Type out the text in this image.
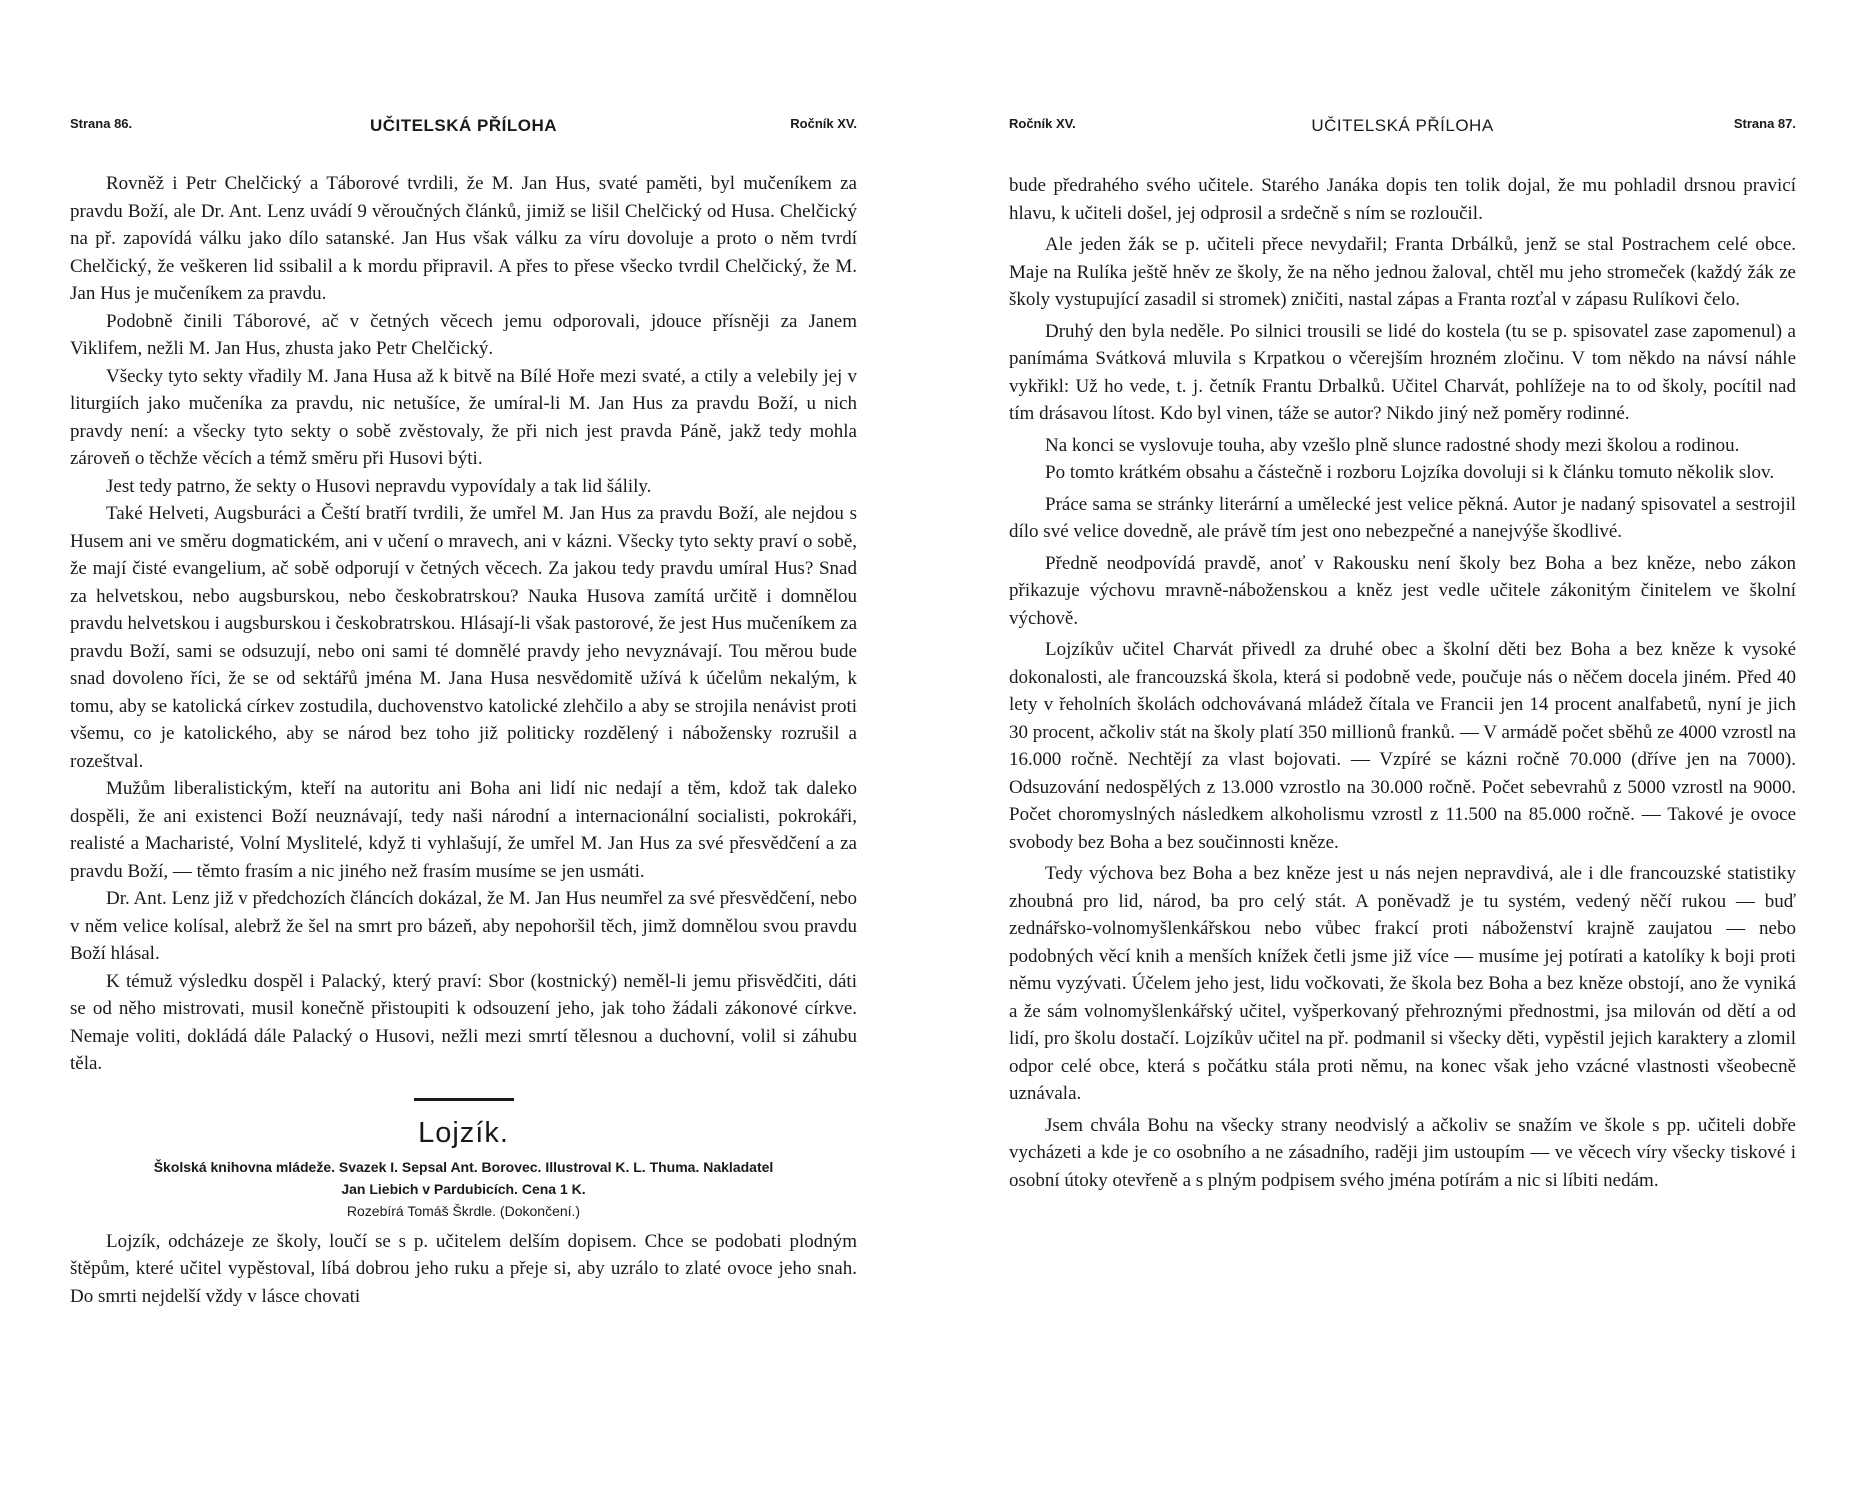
Strana 86.	UČITELSKÁ PŘÍLOHA	Ročník XV.

Rovněž i Petr Chelčický a Táborové tvrdili, že M. Jan Hus, svaté paměti, byl mučeníkem za pravdu Boží, ale Dr. Ant. Lenz uvádí 9 věroučných článků, jimiž se lišil Chelčický od Husa. Chelčický na př. zapovídá válku jako dílo satanské. Jan Hus však válku za víru dovoluje a proto o něm tvrdí Chelčický, že veškeren lid ssibalil a k mordu připravil. A přes to přese všecko tvrdil Chelčický, že M. Jan Hus je mučeníkem za pravdu.

Podobně činili Táborové, ač v četných věcech jemu odporovali, jdouce přísněji za Janem Viklifem, nežli M. Jan Hus, zhusta jako Petr Chelčický.

Všecky tyto sekty vřadily M. Jana Husa až k bitvě na Bílé Hoře mezi svaté, a ctily a velebily jej v liturgiích jako mučeníka za pravdu, nic netušíce, že umíral-li M. Jan Hus za pravdu Boží, u nich pravdy není: a všecky tyto sekty o sobě zvěstovaly, že při nich jest pravda Páně, jakž tedy mohla zároveň o těchže věcích a témž směru při Husovi býti.

Jest tedy patrno, že sekty o Husovi nepravdu vypovídaly a tak lid šálily.

Také Helveti, Augsburáci a Čeští bratří tvrdili, že umřel M. Jan Hus za pravdu Boží, ale nejdou s Husem ani ve směru dogmatickém, ani v učení o mravech, ani v kázni. Všecky tyto sekty praví o sobě, že mají čisté evangelium, ač sobě odporují v četných věcech. Za jakou tedy pravdu umíral Hus? Snad za helvetskou, nebo augsburskou, nebo českobratrskou? Nauka Husova zamítá určitě i domnělou pravdu helvetskou i augsburskou i českobratrskou. Hlásají-li však pastorové, že jest Hus mučeníkem za pravdu Boží, sami se odsuzují, nebo oni sami té domnělé pravdy jeho nevyznávají. Tou měrou bude snad dovoleno říci, že se od sektářů jména M. Jana Husa nesvědomitě užívá k účelům nekalým, k tomu, aby se katolická církev zostudila, duchovenstvo katolické zlehčilo a aby se strojila nenávist proti všemu, co je katolického, aby se národ bez toho již politicky rozdělený i nábožensky rozrušil a rozeštval.

Mužům liberalistickým, kteří na autoritu ani Boha ani lidí nic nedají a těm, kdož tak daleko dospěli, že ani existenci Boží neuznávají, tedy naši národní a internacionální socialisti, pokrokáři, realisté a Macharisté, Volní Myslitelé, když ti vyhlašují, že umřel M. Jan Hus za své přesvědčení a za pravdu Boží, — těmto frasím a nic jiného než frasím musíme se jen usmáti.

Dr. Ant. Lenz již v předchozích článcích dokázal, že M. Jan Hus neumřel za své přesvědčení, nebo v něm velice kolísal, alebrž že šel na smrt pro bázeň, aby nepohoršil těch, jimž domnělou svou pravdu Boží hlásal.

K témuž výsledku dospěl i Palacký, který praví: Sbor (kostnický) neměl-li jemu přisvědčiti, dáti se od něho mistrovati, musil konečně přistoupiti k odsouzení jeho, jak toho žádali zákonové církve. Nemaje voliti, dokládá dále Palacký o Husovi, nežli mezi smrtí tělesnou a duchovní, volil si záhubu těla.

Lojzík.
Školská knihovna mládeže. Svazek I. Sepsal Ant. Borovec. Illustroval K. L. Thuma. Nakladatel
Jan Liebich v Pardubicích. Cena 1 K.
Rozebírá Tomáš Škrdle. (Dokončení.)

Lojzík, odcházeje ze školy, loučí se s p. učitelem delším dopisem. Chce se podobati plodným štěpům, které učitel vypěstoval, líbá dobrou jeho ruku a přeje si, aby uzrálo to zlaté ovoce jeho snah. Do smrti nejdelší vždy v lásce chovati

Ročník XV.	UČITELSKÁ PŘÍLOHA	Strana 87.

bude předrahého svého učitele. Starého Janáka dopis ten tolik dojal, že mu pohladil drsnou pravicí hlavu, k učiteli došel, jej odprosil a srdečně s ním se rozloučil.

Ale jeden žák se p. učiteli přece nevydařil; Franta Drbálků, jenž se stal Postrachem celé obce. Maje na Rulíka ještě hněv ze školy, že na něho jednou žaloval, chtěl mu jeho stromeček (každý žák ze školy vystupující zasadil si stromek) zničiti, nastal zápas a Franta rozťal v zápasu Rulíkovi čelo.

Druhý den byla neděle. Po silnici trousili se lidé do kostela (tu se p. spisovatel zase zapomenul) a panímáma Svátková mluvila s Krpatkou o včerejším hrozném zločinu. V tom někdo na návsí náhle vykřikl: Už ho vede, t. j. četník Frantu Drbalků. Učitel Charvát, pohlížeje na to od školy, pocítil nad tím drásavou lítost. Kdo byl vinen, táže se autor? Nikdo jiný než poměry rodinné.

Na konci se vyslovuje touha, aby vzešlo plně slunce radostné shody mezi školou a rodinou.

Po tomto krátkém obsahu a částečně i rozboru Lojzíka dovoluji si k článku tomuto několik slov.

Práce sama se stránky literární a umělecké jest velice pěkná. Autor je nadaný spisovatel a sestrojil dílo své velice dovedně, ale právě tím jest ono nebezpečné a nanejvýše škodlivé.

Předně neodpovídá pravdě, anoť v Rakousku není školy bez Boha a bez kněze, nebo zákon přikazuje výchovu mravně-náboženskou a kněz jest vedle učitele zákonitým činitelem ve školní výchově.

Lojzíkův učitel Charvát přivedl za druhé obec a školní děti bez Boha a bez kněze k vysoké dokonalosti, ale francouzská škola, která si podobně vede, poučuje nás o něčem docela jiném. Před 40 lety v řeholních školách odchovávaná mládež čítala ve Francii jen 14 procent analfabetů, nyní je jich 30 procent, ačkoliv stát na školy platí 350 millionů franků. — V armádě počet sběhů ze 4000 vzrostl na 16.000 ročně. Nechtějí za vlast bojovati. — Vzpíré se kázni ročně 70.000 (dříve jen na 7000). Odsuzování nedospělých z 13.000 vzrostlo na 30.000 ročně. Počet sebevrahů z 5000 vzrostl na 9000. Počet choromyslných následkem alkoholismu vzrostl z 11.500 na 85.000 ročně. — Takové je ovoce svobody bez Boha a bez součinnosti kněze.

Tedy výchova bez Boha a bez kněze jest u nás nejen nepravdivá, ale i dle francouzské statistiky zhoubná pro lid, národ, ba pro celý stát. A poněvadž je tu systém, vedený něčí rukou — buď zednářsko-volnomyšlenkářskou nebo vůbec frakcí proti náboženství krajně zaujatou — nebo podobných věcí knih a menších knížek četli jsme již více — musíme jej potírati a katolíky k boji proti němu vyzývati. Účelem jeho jest, lidu vočkovati, že škola bez Boha a bez kněze obstojí, ano že vyniká a že sám volnomyšlenkářský učitel, vyšperkovaný přehroznými přednostmi, jsa milován od dětí a od lidí, pro školu dostačí. Lojzíkův učitel na př. podmanil si všecky děti, vypěstil jejich karaktery a zlomil odpor celé obce, která s počátku stála proti němu, na konec však jeho vzácné vlastnosti všeobecně uznávala.

Jsem chvála Bohu na všecky strany neodvislý a ačkoliv se snažím ve škole s pp. učiteli dobře vycházeti a kde je co osobního a ne zásadního, raději jim ustoupím — ve věcech víry všecky tiskové i osobní útoky otevřeně a s plným podpisem svého jména potírám a nic si líbiti nedám.
